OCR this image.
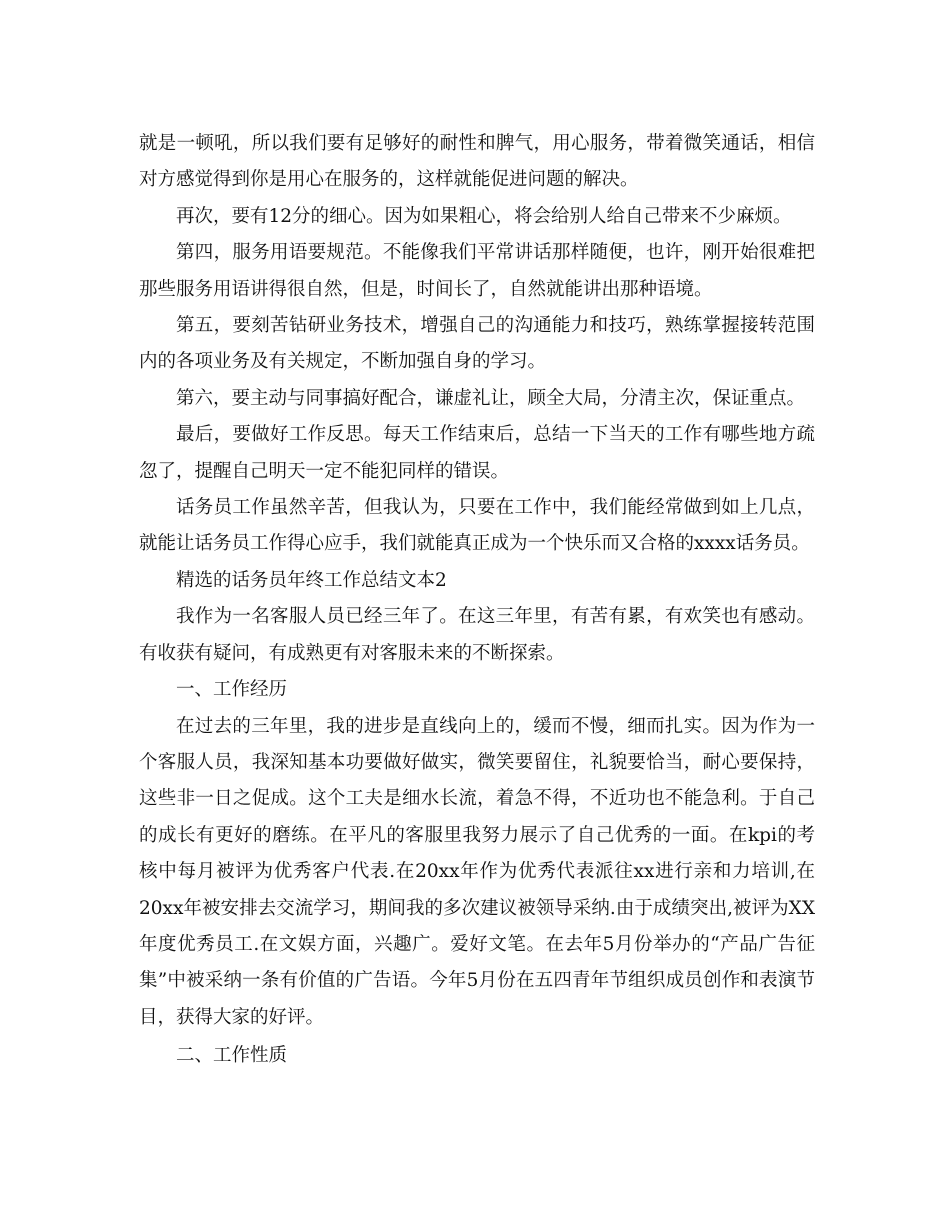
就是一顿吼，所以我们要有足够好的耐性和脾气，用心服务，带着微笑通话，相信对方感觉得到你是用心在服务的，这样就能促进问题的解决。

再次，要有12分的细心。因为如果粗心，将会给别人给自己带来不少麻烦。

第四，服务用语要规范。不能像我们平常讲话那样随便，也许，刚开始很难把那些服务用语讲得很自然，但是，时间长了，自然就能讲出那种语境。

第五，要刻苦钻研业务技术，增强自己的沟通能力和技巧，熟练掌握接转范围内的各项业务及有关规定，不断加强自身的学习。

第六，要主动与同事搞好配合，谦虚礼让，顾全大局，分清主次，保证重点。

最后，要做好工作反思。每天工作结束后，总结一下当天的工作有哪些地方疏忽了，提醒自己明天一定不能犯同样的错误。

话务员工作虽然辛苦，但我认为，只要在工作中，我们能经常做到如上几点，就能让话务员工作得心应手，我们就能真正成为一个快乐而又合格的xxxx话务员。

精选的话务员年终工作总结文本2

我作为一名客服人员已经三年了。在这三年里，有苦有累，有欢笑也有感动。有收获有疑问，有成熟更有对客服未来的不断探索。

一、工作经历

在过去的三年里，我的进步是直线向上的，缓而不慢，细而扎实。因为作为一个客服人员，我深知基本功要做好做实，微笑要留住，礼貌要恰当，耐心要保持，这些非一日之促成。这个工夫是细水长流，着急不得，不近功也不能急利。于自己的成长有更好的磨练。在平凡的客服里我努力展示了自己优秀的一面。在kpi的考核中每月被评为优秀客户代表.在20xx年作为优秀代表派往xx进行亲和力培训,在20xx年被安排去交流学习，期间我的多次建议被领导采纳.由于成绩突出,被评为XX年度优秀员工.在文娱方面，兴趣广。爱好文笔。在去年5月份举办的“产品广告征集”中被采纳一条有价值的广告语。今年5月份在五四青年节组织成员创作和表演节目，获得大家的好评。

二、工作性质
